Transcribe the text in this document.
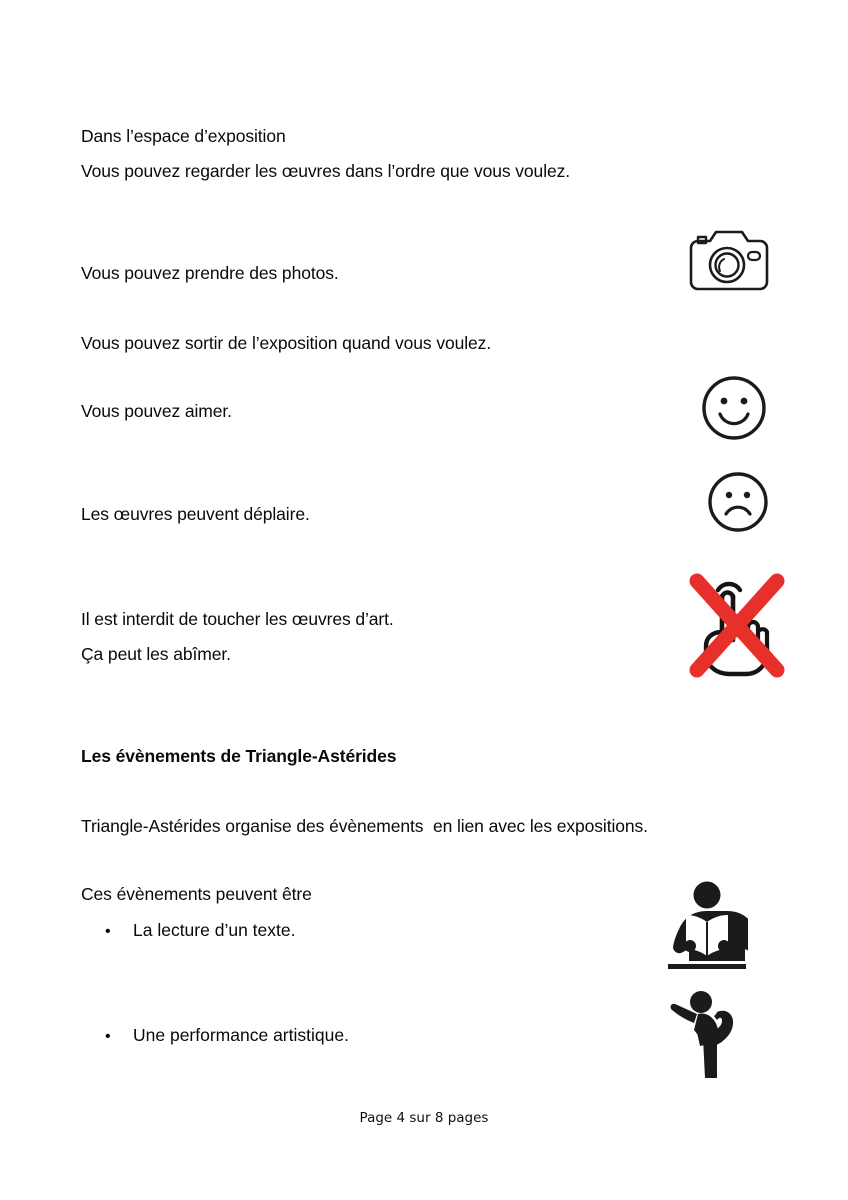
Dans l’espace d’exposition
Vous pouvez regarder les œuvres dans l’ordre que vous voulez.
Vous pouvez prendre des photos.
Vous pouvez sortir de l’exposition quand vous voulez.
Vous pouvez aimer.
Les œuvres peuvent déplaire.
Il est interdit de toucher les œuvres d’art.
Ça peut les abîmer.
Les évènements de Triangle-Astérides
Triangle-Astérides organise des évènements  en lien avec les expositions.
Ces évènements peuvent être
•	La lecture d’un texte.
•	Une performance artistique.
Page 4 sur 8 pages
